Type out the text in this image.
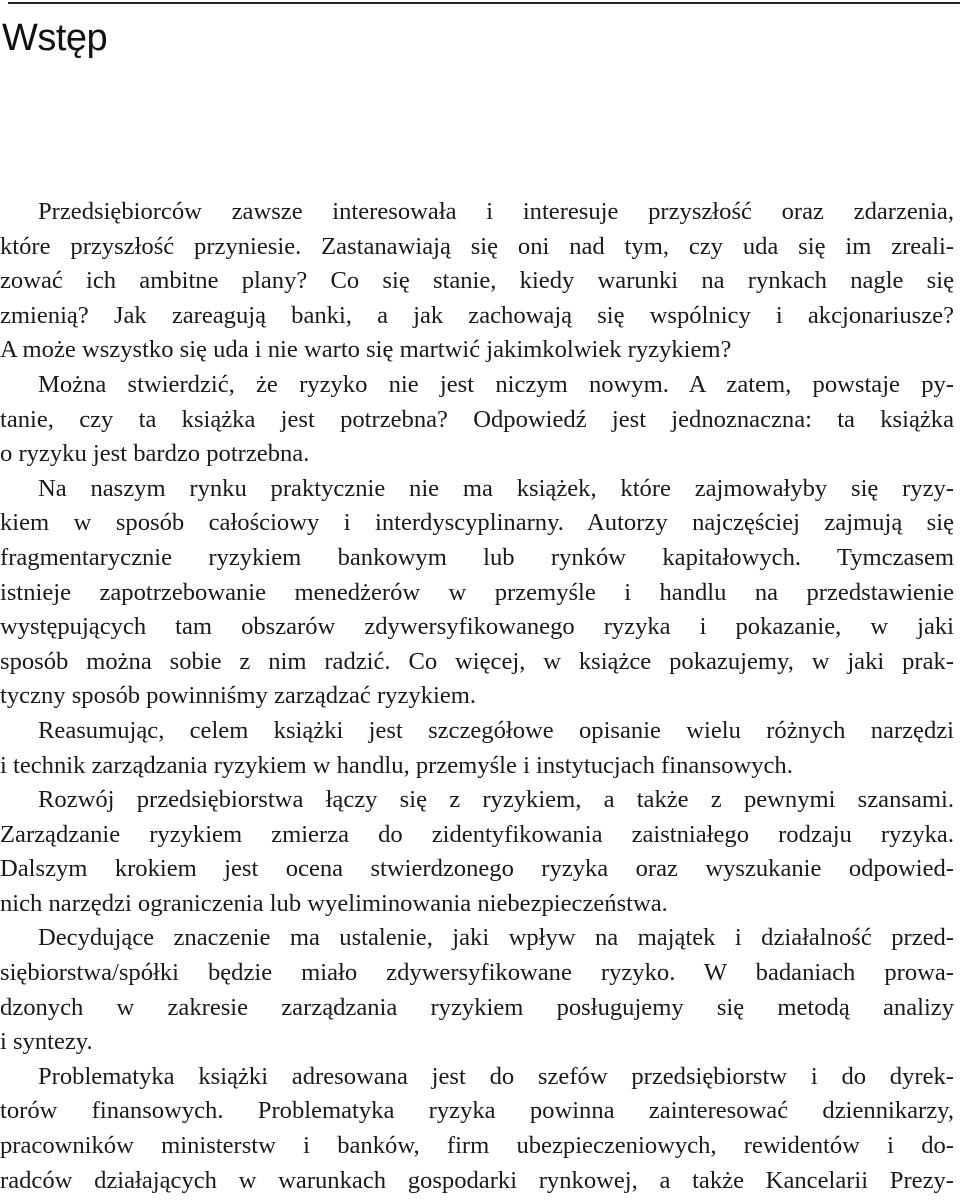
Wstęp
Przedsiębiorców zawsze interesowała i interesuje przyszłość oraz zdarzenia,
które przyszłość przyniesie. Zastanawiają się oni nad tym, czy uda się im zreali-
zować ich ambitne plany? Co się stanie, kiedy warunki na rynkach nagle się
zmienią? Jak zareagują banki, a jak zachowają się wspólnicy i akcjonariusze?
A może wszystko się uda i nie warto się martwić jakimkolwiek ryzykiem?
Można stwierdzić, że ryzyko nie jest niczym nowym. A zatem, powstaje py-
tanie, czy ta książka jest potrzebna? Odpowiedź jest jednoznaczna: ta książka
o ryzyku jest bardzo potrzebna.
Na naszym rynku praktycznie nie ma książek, które zajmowałyby się ryzy-
kiem w sposób całościowy i interdyscyplinarny. Autorzy najczęściej zajmują się
fragmentarycznie ryzykiem bankowym lub rynków kapitałowych. Tymczasem
istnieje zapotrzebowanie menedżerów w przemyśle i handlu na przedstawienie
występujących tam obszarów zdywersyfikowanego ryzyka i pokazanie, w jaki
sposób można sobie z nim radzić. Co więcej, w książce pokazujemy, w jaki prak-
tyczny sposób powinniśmy zarządzać ryzykiem.
Reasumując, celem książki jest szczegółowe opisanie wielu różnych narzędzi
i technik zarządzania ryzykiem w handlu, przemyśle i instytucjach finansowych.
Rozwój przedsiębiorstwa łączy się z ryzykiem, a także z pewnymi szansami.
Zarządzanie ryzykiem zmierza do zidentyfikowania zaistniałego rodzaju ryzyka.
Dalszym krokiem jest ocena stwierdzonego ryzyka oraz wyszukanie odpowied-
nich narzędzi ograniczenia lub wyeliminowania niebezpieczeństwa.
Decydujące znaczenie ma ustalenie, jaki wpływ na majątek i działalność przed-
siębiorstwa/spółki będzie miało zdywersyfikowane ryzyko. W badaniach prowa-
dzonych w zakresie zarządzania ryzykiem posługujemy się metodą analizy
i syntezy.
Problematyka książki adresowana jest do szefów przedsiębiorstw i do dyrek-
torów finansowych. Problematyka ryzyka powinna zainteresować dziennikarzy,
pracowników ministerstw i banków, firm ubezpieczeniowych, rewidentów i do-
radców działających w warunkach gospodarki rynkowej, a także Kancelarii Prezy-
